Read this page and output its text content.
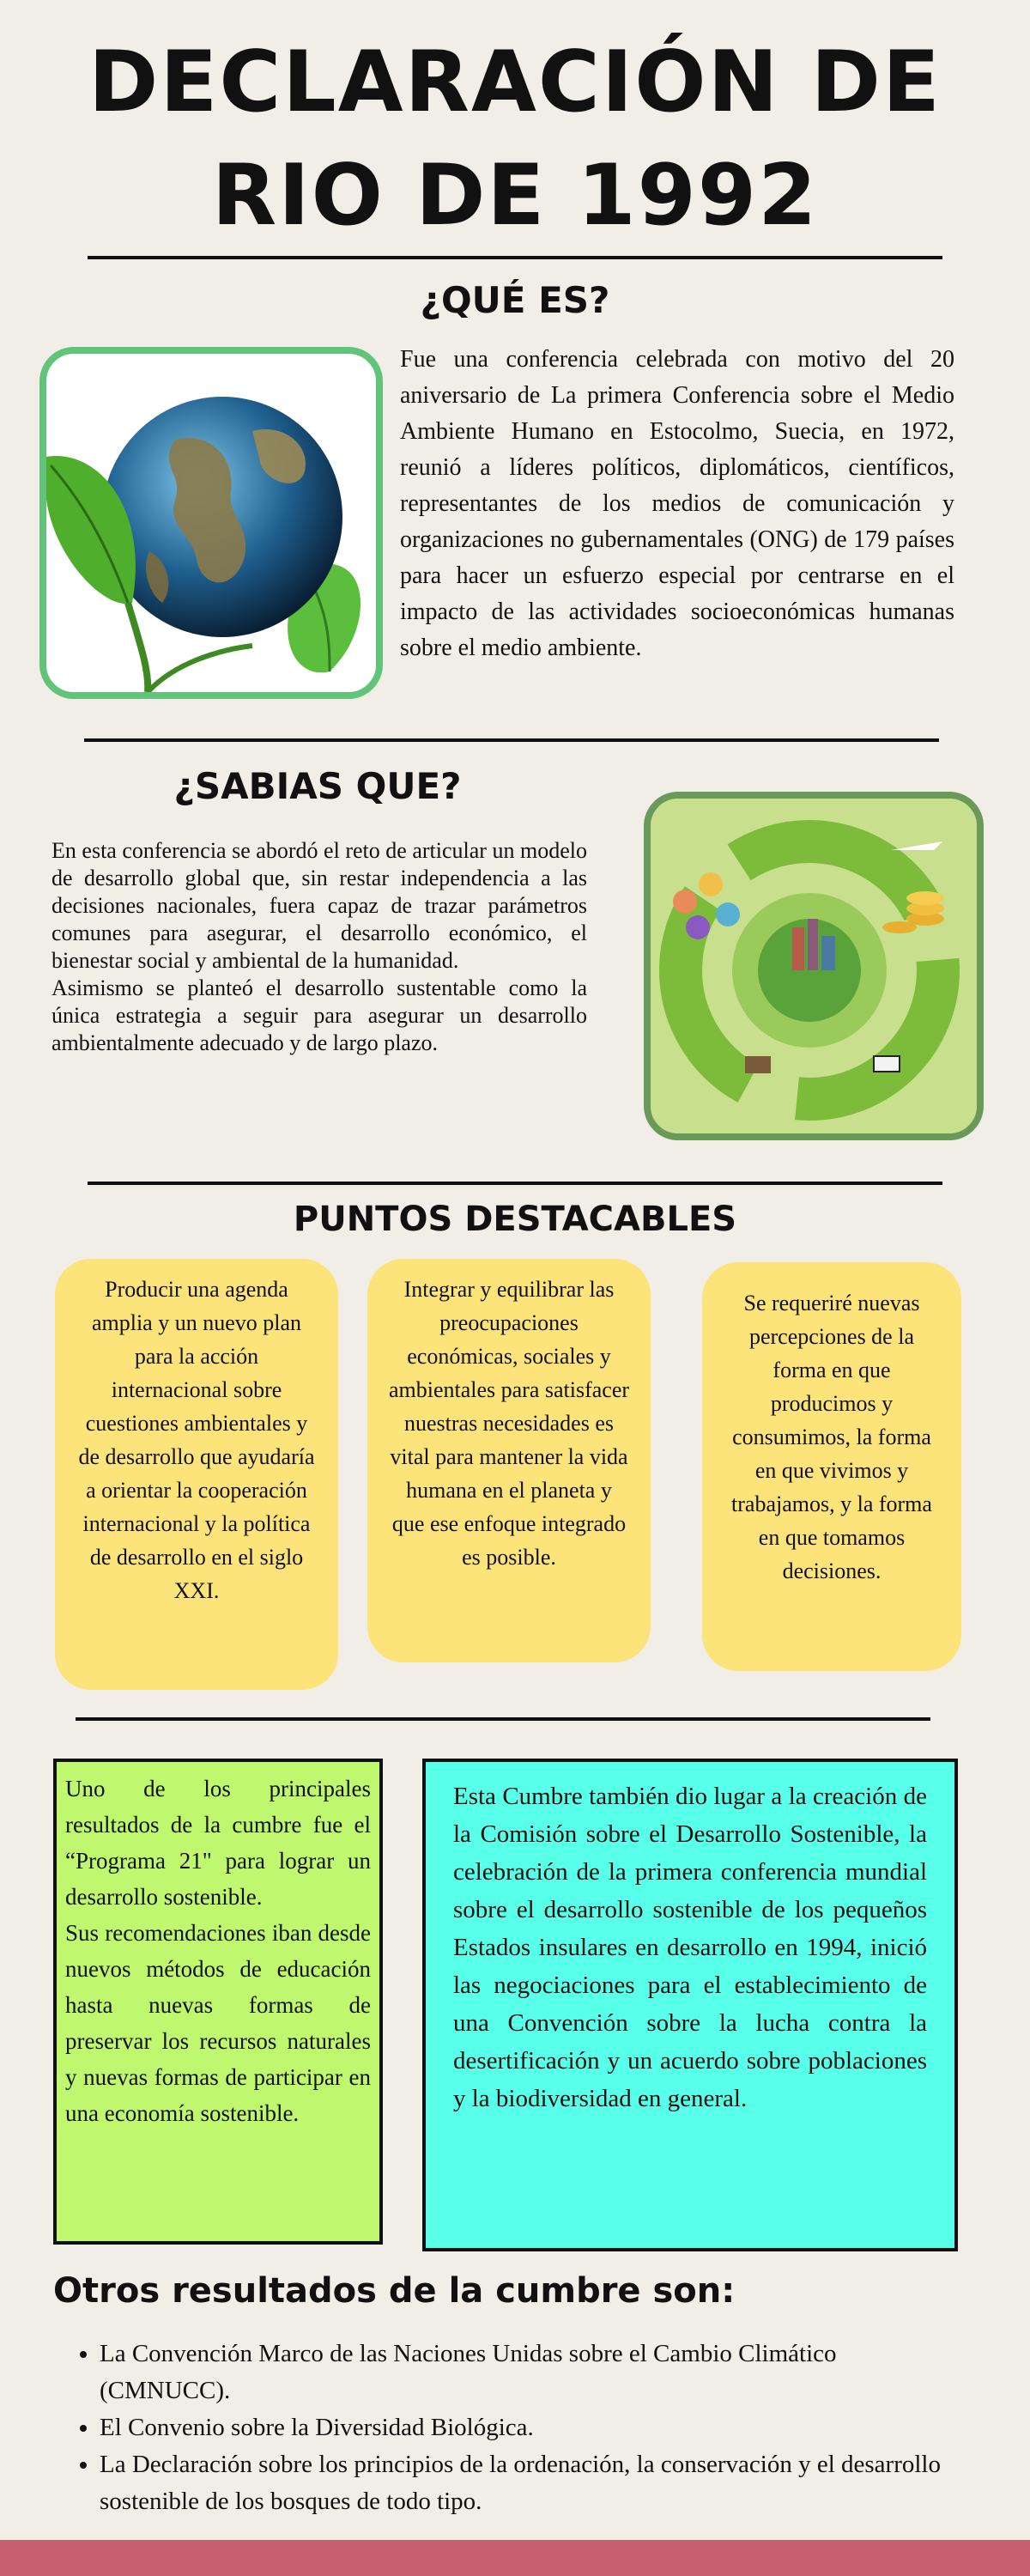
DECLARACIÓN DE
RIO DE 1992
¿QUÉ ES?
Fue una conferencia celebrada con motivo del 20 aniversario de La primera Conferencia sobre el Medio Ambiente Humano en Estocolmo, Suecia, en 1972, reunió a líderes políticos, diplomáticos, científicos, representantes de los medios de comunicación y organizaciones no gubernamentales (ONG) de 179 países para hacer un esfuerzo especial por centrarse en el impacto de las actividades socioeconómicas humanas sobre el medio ambiente.
¿SABIAS QUE?
En esta conferencia se abordó el reto de articular un modelo de desarrollo global que, sin restar independencia a las decisiones nacionales, fuera capaz de trazar parámetros comunes para asegurar, el desarrollo económico, el bienestar social y ambiental de la humanidad.
Asimismo se planteó el desarrollo sustentable como la única estrategia a seguir para asegurar un desarrollo ambientalmente adecuado y de largo plazo.
PUNTOS DESTACABLES
Producir una agenda amplia y un nuevo plan para la acción internacional sobre cuestiones ambientales y de desarrollo que ayudaría a orientar la cooperación internacional y la política de desarrollo en el siglo XXI.
Integrar y equilibrar las preocupaciones económicas, sociales y ambientales para satisfacer nuestras necesidades es vital para mantener la vida humana en el planeta y que ese enfoque integrado es posible.
Se requeriré nuevas percepciones de la forma en que producimos y consumimos, la forma en que vivimos y trabajamos, y la forma en que tomamos decisiones.
Uno de los principales resultados de la cumbre fue el “Programa 21" para lograr un desarrollo sostenible.
Sus recomendaciones iban desde nuevos métodos de educación hasta nuevas formas de preservar los recursos naturales y nuevas formas de participar en una economía sostenible.
Esta Cumbre también dio lugar a la creación de la Comisión sobre el Desarrollo Sostenible, la celebración de la primera conferencia mundial sobre el desarrollo sostenible de los pequeños Estados insulares en desarrollo en 1994, inició las negociaciones para el establecimiento de una Convención sobre la lucha contra la desertificación y un acuerdo sobre poblaciones y la biodiversidad en general.
Otros resultados de la cumbre son:
• La Convención Marco de las Naciones Unidas sobre el Cambio Climático (CMNUCC).
• El Convenio sobre la Diversidad Biológica.
• La Declaración sobre los principios de la ordenación, la conservación y el desarrollo sostenible de los bosques de todo tipo.
